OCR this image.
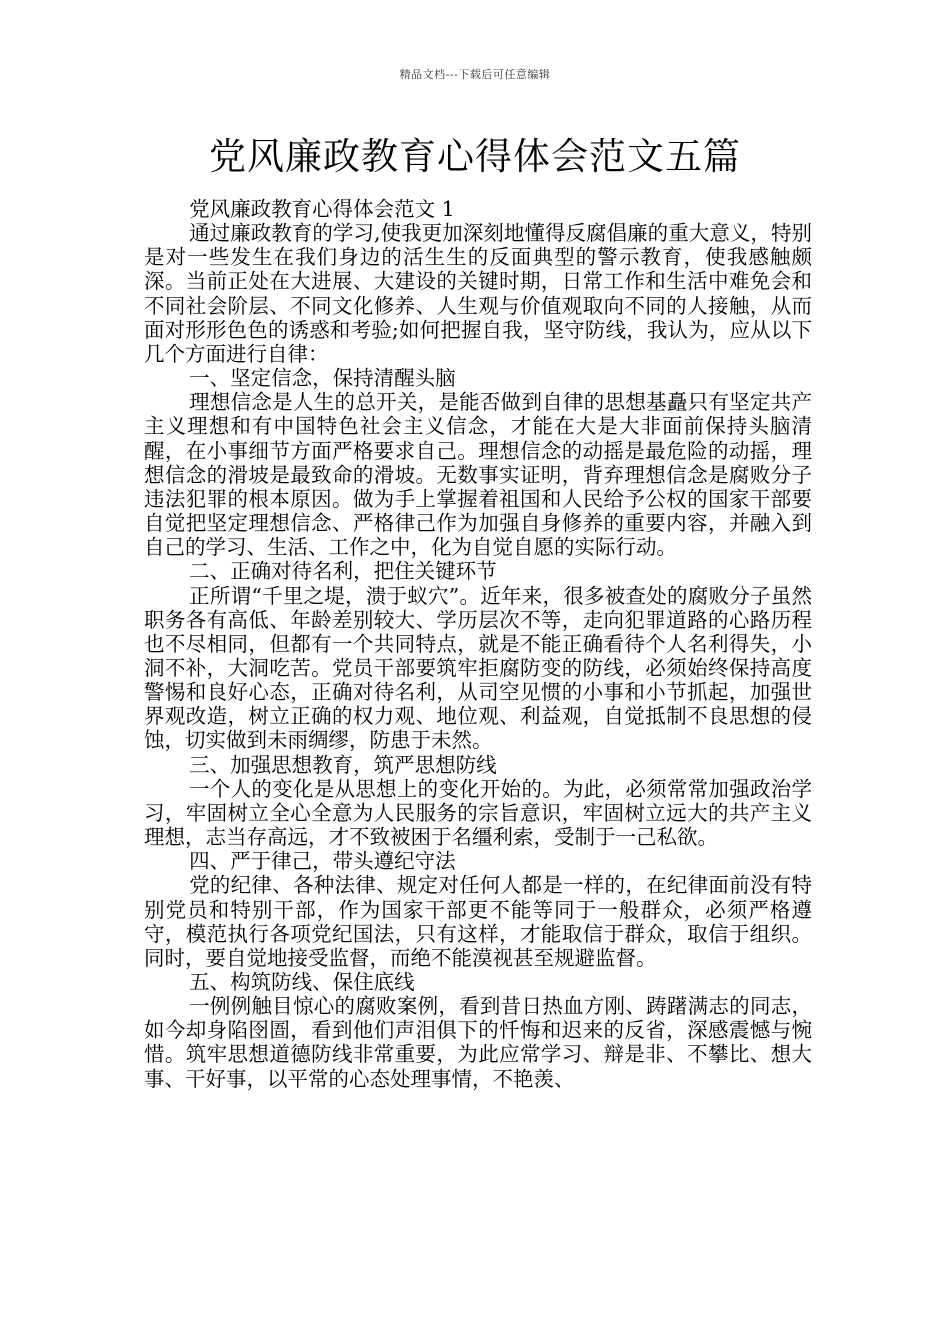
精品文档---下载后可任意编辑
党风廉政教育心得体会范文五篇

党风廉政教育心得体会范文 1

通过廉政教育的学习,使我更加深刻地懂得反腐倡廉的重大意义，特别是对一些发生在我们身边的活生生的反面典型的警示教育，使我感触颇深。当前正处在大进展、大建设的关键时期，日常工作和生活中难免会和不同社会阶层、不同文化修养、人生观与价值观取向不同的人接触，从而面对形形色色的诱惑和考验;如何把握自我，坚守防线，我认为，应从以下几个方面进行自律：

一、坚定信念，保持清醒头脑

理想信念是人生的总开关，是能否做到自律的思想基矗只有坚定共产主义理想和有中国特色社会主义信念，才能在大是大非面前保持头脑清醒，在小事细节方面严格要求自己。理想信念的动摇是最危险的动摇，理想信念的滑坡是最致命的滑坡。无数事实证明，背弃理想信念是腐败分子违法犯罪的根本原因。做为手上掌握着祖国和人民给予公权的国家干部要自觉把坚定理想信念、严格律己作为加强自身修养的重要内容，并融入到自己的学习、生活、工作之中，化为自觉自愿的实际行动。

二、正确对待名利，把住关键环节

正所谓“千里之堤，溃于蚁穴”。近年来，很多被查处的腐败分子虽然职务各有高低、年龄差别较大、学历层次不等，走向犯罪道路的心路历程也不尽相同，但都有一个共同特点，就是不能正确看待个人名利得失，小洞不补，大洞吃苦。党员干部要筑牢拒腐防变的防线，必须始终保持高度警惕和良好心态，正确对待名利，从司空见惯的小事和小节抓起，加强世界观改造，树立正确的权力观、地位观、利益观，自觉抵制不良思想的侵蚀，切实做到未雨绸缪，防患于未然。

三、加强思想教育，筑严思想防线

一个人的变化是从思想上的变化开始的。为此，必须常常加强政治学习，牢固树立全心全意为人民服务的宗旨意识，牢固树立远大的共产主义理想，志当存高远，才不致被困于名缰利索，受制于一己私欲。

四、严于律己，带头遵纪守法

党的纪律、各种法律、规定对任何人都是一样的，在纪律面前没有特别党员和特别干部，作为国家干部更不能等同于一般群众，必须严格遵守，模范执行各项党纪国法，只有这样，才能取信于群众，取信于组织。同时，要自觉地接受监督，而绝不能漠视甚至规避监督。

五、构筑防线、保住底线

一例例触目惊心的腐败案例，看到昔日热血方刚、踌躇满志的同志，如今却身陷囹圄，看到他们声泪俱下的忏悔和迟来的反省，深感震憾与惋惜。筑牢思想道德防线非常重要，为此应常学习、辩是非、不攀比、想大事、干好事，以平常的心态处理事情，不艳羡、
